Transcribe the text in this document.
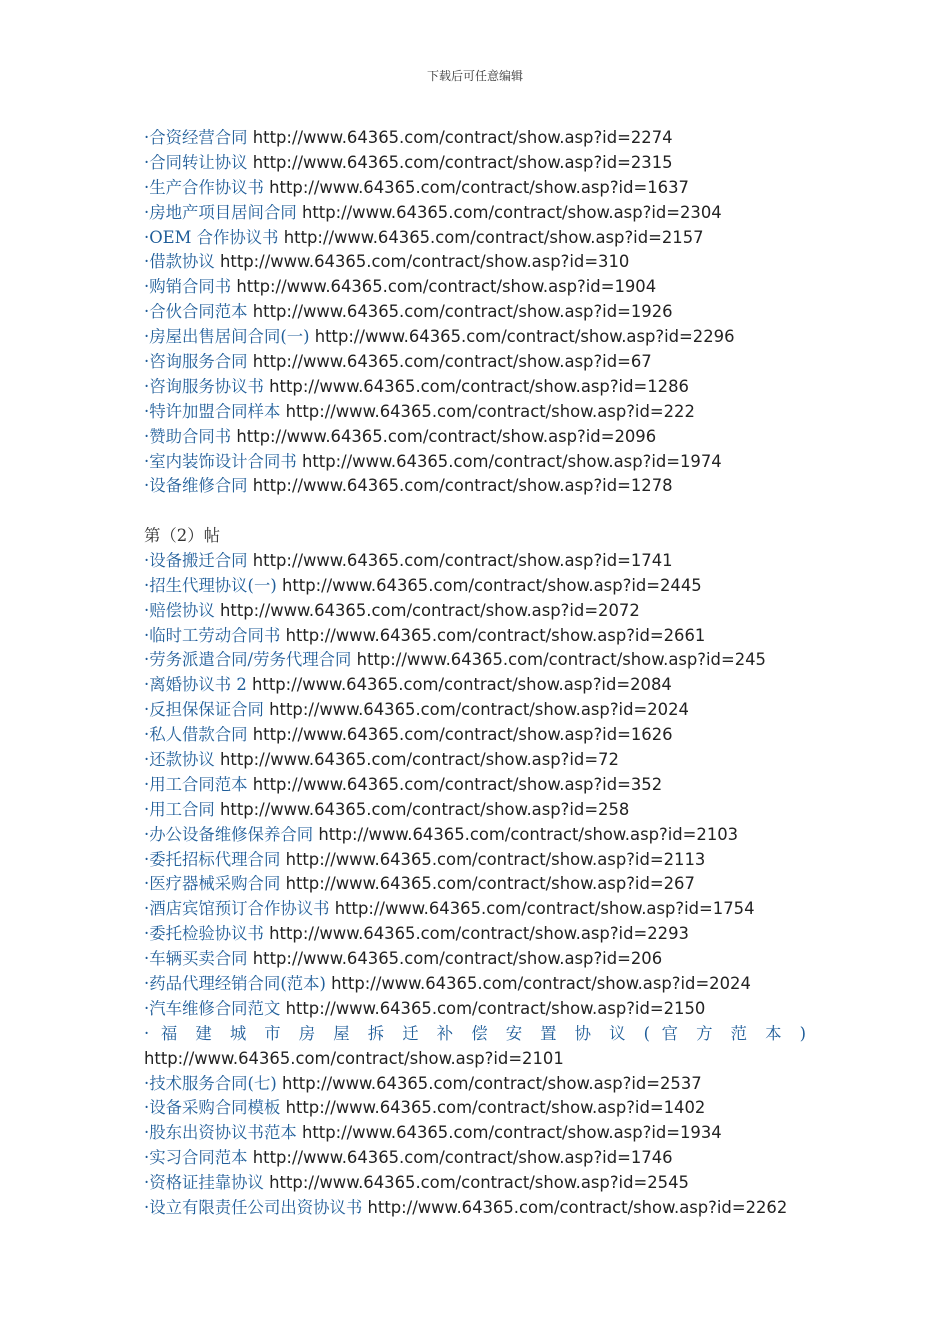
下载后可任意编辑
·合资经营合同 http://www.64365.com/contract/show.asp?id=2274
·合同转让协议 http://www.64365.com/contract/show.asp?id=2315
·生产合作协议书 http://www.64365.com/contract/show.asp?id=1637
·房地产项目居间合同 http://www.64365.com/contract/show.asp?id=2304
·OEM 合作协议书 http://www.64365.com/contract/show.asp?id=2157
·借款协议 http://www.64365.com/contract/show.asp?id=310
·购销合同书 http://www.64365.com/contract/show.asp?id=1904
·合伙合同范本 http://www.64365.com/contract/show.asp?id=1926
·房屋出售居间合同(一) http://www.64365.com/contract/show.asp?id=2296
·咨询服务合同 http://www.64365.com/contract/show.asp?id=67
·咨询服务协议书 http://www.64365.com/contract/show.asp?id=1286
·特许加盟合同样本 http://www.64365.com/contract/show.asp?id=222
·赞助合同书 http://www.64365.com/contract/show.asp?id=2096
·室内装饰设计合同书 http://www.64365.com/contract/show.asp?id=1974
·设备维修合同 http://www.64365.com/contract/show.asp?id=1278
第（2）帖
·设备搬迁合同 http://www.64365.com/contract/show.asp?id=1741
·招生代理协议(一) http://www.64365.com/contract/show.asp?id=2445
·赔偿协议 http://www.64365.com/contract/show.asp?id=2072
·临时工劳动合同书 http://www.64365.com/contract/show.asp?id=2661
·劳务派遣合同/劳务代理合同 http://www.64365.com/contract/show.asp?id=245
·离婚协议书 2 http://www.64365.com/contract/show.asp?id=2084
·反担保保证合同 http://www.64365.com/contract/show.asp?id=2024
·私人借款合同 http://www.64365.com/contract/show.asp?id=1626
·还款协议 http://www.64365.com/contract/show.asp?id=72
·用工合同范本 http://www.64365.com/contract/show.asp?id=352
·用工合同 http://www.64365.com/contract/show.asp?id=258
·办公设备维修保养合同 http://www.64365.com/contract/show.asp?id=2103
·委托招标代理合同 http://www.64365.com/contract/show.asp?id=2113
·医疗器械采购合同 http://www.64365.com/contract/show.asp?id=267
·酒店宾馆预订合作协议书 http://www.64365.com/contract/show.asp?id=1754
·委托检验协议书 http://www.64365.com/contract/show.asp?id=2293
·车辆买卖合同 http://www.64365.com/contract/show.asp?id=206
·药品代理经销合同(范本) http://www.64365.com/contract/show.asp?id=2024
·汽车维修合同范文 http://www.64365.com/contract/show.asp?id=2150
· 福 建 城 市 房 屋 拆 迁 补 偿 安 置 协 议 ( 官 方 范 本 )
http://www.64365.com/contract/show.asp?id=2101
·技术服务合同(七) http://www.64365.com/contract/show.asp?id=2537
·设备采购合同模板 http://www.64365.com/contract/show.asp?id=1402
·股东出资协议书范本 http://www.64365.com/contract/show.asp?id=1934
·实习合同范本 http://www.64365.com/contract/show.asp?id=1746
·资格证挂靠协议 http://www.64365.com/contract/show.asp?id=2545
·设立有限责任公司出资协议书 http://www.64365.com/contract/show.asp?id=2262
